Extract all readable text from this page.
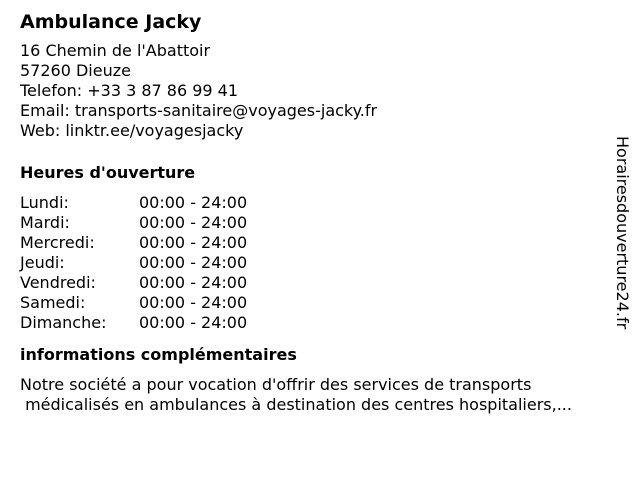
Ambulance Jacky
16 Chemin de l'Abattoir
57260 Dieuze
Telefon: +33 3 87 86 99 41
Email: transports-sanitaire@voyages-jacky.fr
Web: linktr.ee/voyagesjacky
Heures d'ouverture
Lundi:	00:00 - 24:00
Mardi:	00:00 - 24:00
Mercredi:	00:00 - 24:00
Jeudi:	00:00 - 24:00
Vendredi:	00:00 - 24:00
Samedi:	00:00 - 24:00
Dimanche: 00:00 - 24:00
informations complémentaires
Notre société a pour vocation d'offrir des services de transports
médicalisés en ambulances à destination des centres hospitaliers,...
Horairesdouverture24.fr
